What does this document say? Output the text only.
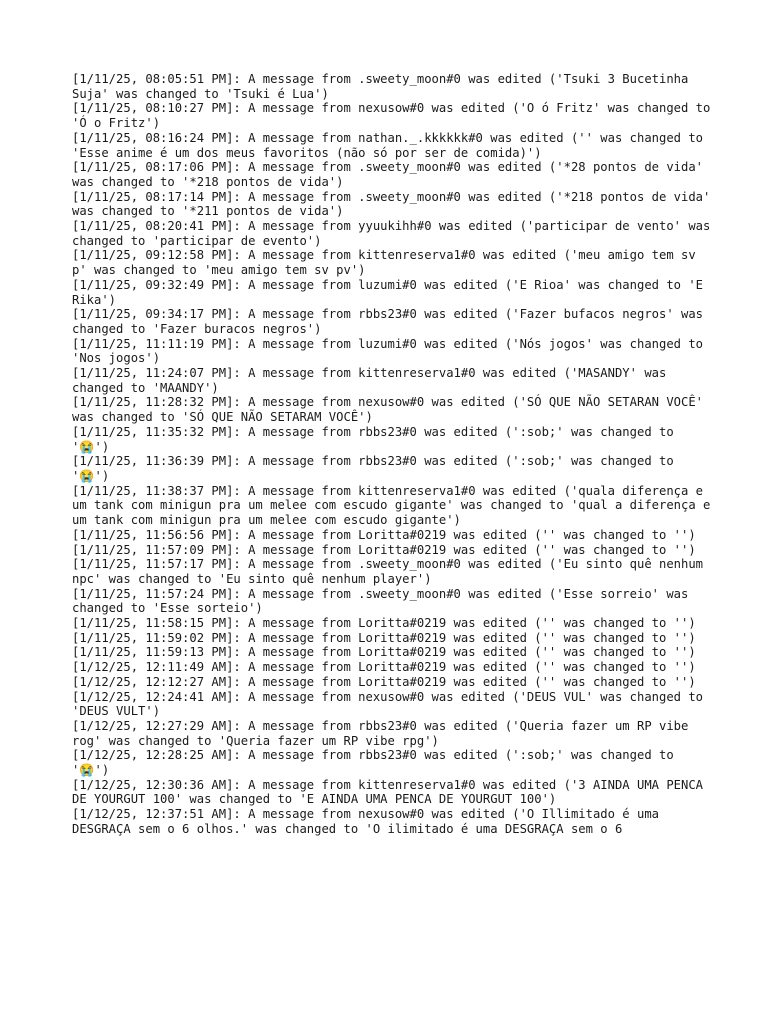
[1/11/25, 08:05:51 PM]: A message from .sweety_moon#0 was edited ('Tsuki 3 Bucetinha Suja' was changed to 'Tsuki é Lua')
[1/11/25, 08:10:27 PM]: A message from nexusow#0 was edited ('O ó Fritz' was changed to 'Ó o Fritz')
[1/11/25, 08:16:24 PM]: A message from nathan._.kkkkkk#0 was edited ('' was changed to 'Esse anime é um dos meus favoritos (não só por ser de comida)')
[1/11/25, 08:17:06 PM]: A message from .sweety_moon#0 was edited ('*28 pontos de vida' was changed to '*218 pontos de vida')
[1/11/25, 08:17:14 PM]: A message from .sweety_moon#0 was edited ('*218 pontos de vida' was changed to '*211 pontos de vida')
[1/11/25, 08:20:41 PM]: A message from yyuukihh#0 was edited ('participar de vento' was changed to 'participar de evento')
[1/11/25, 09:12:58 PM]: A message from kittenreserva1#0 was edited ('meu amigo tem sv p' was changed to 'meu amigo tem sv pv')
[1/11/25, 09:32:49 PM]: A message from luzumi#0 was edited ('E Rioa' was changed to 'E Rika')
[1/11/25, 09:34:17 PM]: A message from rbbs23#0 was edited ('Fazer bufacos negros' was changed to 'Fazer buracos negros')
[1/11/25, 11:11:19 PM]: A message from luzumi#0 was edited ('Nós jogos' was changed to 'Nos jogos')
[1/11/25, 11:24:07 PM]: A message from kittenreserva1#0 was edited ('MASANDY' was changed to 'MAANDY')
[1/11/25, 11:28:32 PM]: A message from nexusow#0 was edited ('SÓ QUE NÃO SETARAN VOCÊ' was changed to 'SÓ QUE NÃO SETARAM VOCÊ')
[1/11/25, 11:35:32 PM]: A message from rbbs23#0 was edited (':sob;' was changed to '😭')
[1/11/25, 11:36:39 PM]: A message from rbbs23#0 was edited (':sob;' was changed to '😭')
[1/11/25, 11:38:37 PM]: A message from kittenreserva1#0 was edited ('quala diferença e um tank com minigun pra um melee com escudo gigante' was changed to 'qual a diferença e um tank com minigun pra um melee com escudo gigante')
[1/11/25, 11:56:56 PM]: A message from Loritta#0219 was edited ('' was changed to '')
[1/11/25, 11:57:09 PM]: A message from Loritta#0219 was edited ('' was changed to '')
[1/11/25, 11:57:17 PM]: A message from .sweety_moon#0 was edited ('Eu sinto quê nenhum npc' was changed to 'Eu sinto quê nenhum player')
[1/11/25, 11:57:24 PM]: A message from .sweety_moon#0 was edited ('Esse sorreio' was changed to 'Esse sorteio')
[1/11/25, 11:58:15 PM]: A message from Loritta#0219 was edited ('' was changed to '')
[1/11/25, 11:59:02 PM]: A message from Loritta#0219 was edited ('' was changed to '')
[1/11/25, 11:59:13 PM]: A message from Loritta#0219 was edited ('' was changed to '')
[1/12/25, 12:11:49 AM]: A message from Loritta#0219 was edited ('' was changed to '')
[1/12/25, 12:12:27 AM]: A message from Loritta#0219 was edited ('' was changed to '')
[1/12/25, 12:24:41 AM]: A message from nexusow#0 was edited ('DEUS VUL' was changed to 'DEUS VULT')
[1/12/25, 12:27:29 AM]: A message from rbbs23#0 was edited ('Queria fazer um RP vibe rog' was changed to 'Queria fazer um RP vibe rpg')
[1/12/25, 12:28:25 AM]: A message from rbbs23#0 was edited (':sob;' was changed to '😭')
[1/12/25, 12:30:36 AM]: A message from kittenreserva1#0 was edited ('3 AINDA UMA PENCA DE YOURGUT 100' was changed to 'E AINDA UMA PENCA DE YOURGUT 100')
[1/12/25, 12:37:51 AM]: A message from nexusow#0 was edited ('O Illimitado é uma DESGRAÇA sem o 6 olhos.' was changed to 'O ilimitado é uma DESGRAÇA sem o 6
